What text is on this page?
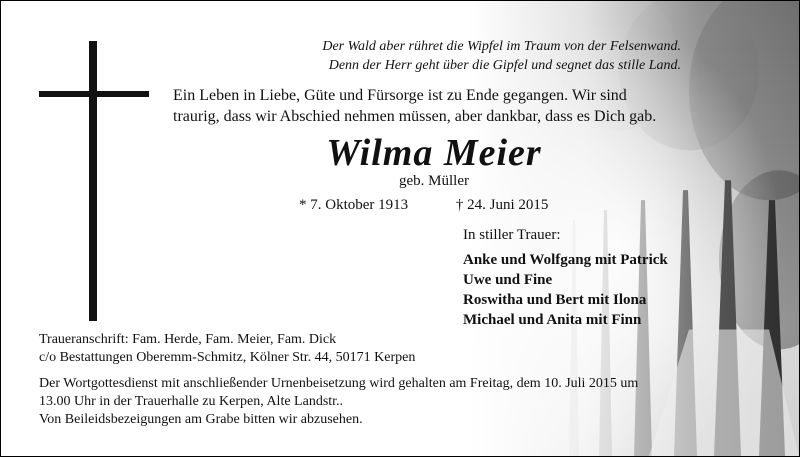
Der Wald aber rühret die Wipfel im Traum von der Felsenwand.
Denn der Herr geht über die Gipfel und segnet das stille Land.
Ein Leben in Liebe, Güte und Fürsorge ist zu Ende gegangen. Wir sind
traurig, dass wir Abschied nehmen müssen, aber dankbar, dass es Dich gab.
Wilma Meier
geb. Müller
* 7. Oktober 1913	† 24. Juni 2015
In stiller Trauer:
Anke und Wolfgang mit Patrick
Uwe und Fine
Roswitha und Bert mit Ilona
Michael und Anita mit Finn
Traueranschrift: Fam. Herde, Fam. Meier, Fam. Dick
c/o Bestattungen Oberemm-Schmitz, Kölner Str. 44, 50171 Kerpen
Der Wortgottesdienst mit anschließender Urnenbeisetzung wird gehalten am Freitag, dem 10. Juli 2015 um
13.00 Uhr in der Trauerhalle zu Kerpen, Alte Landstr..
Von Beileidsbezeigungen am Grabe bitten wir abzusehen.
